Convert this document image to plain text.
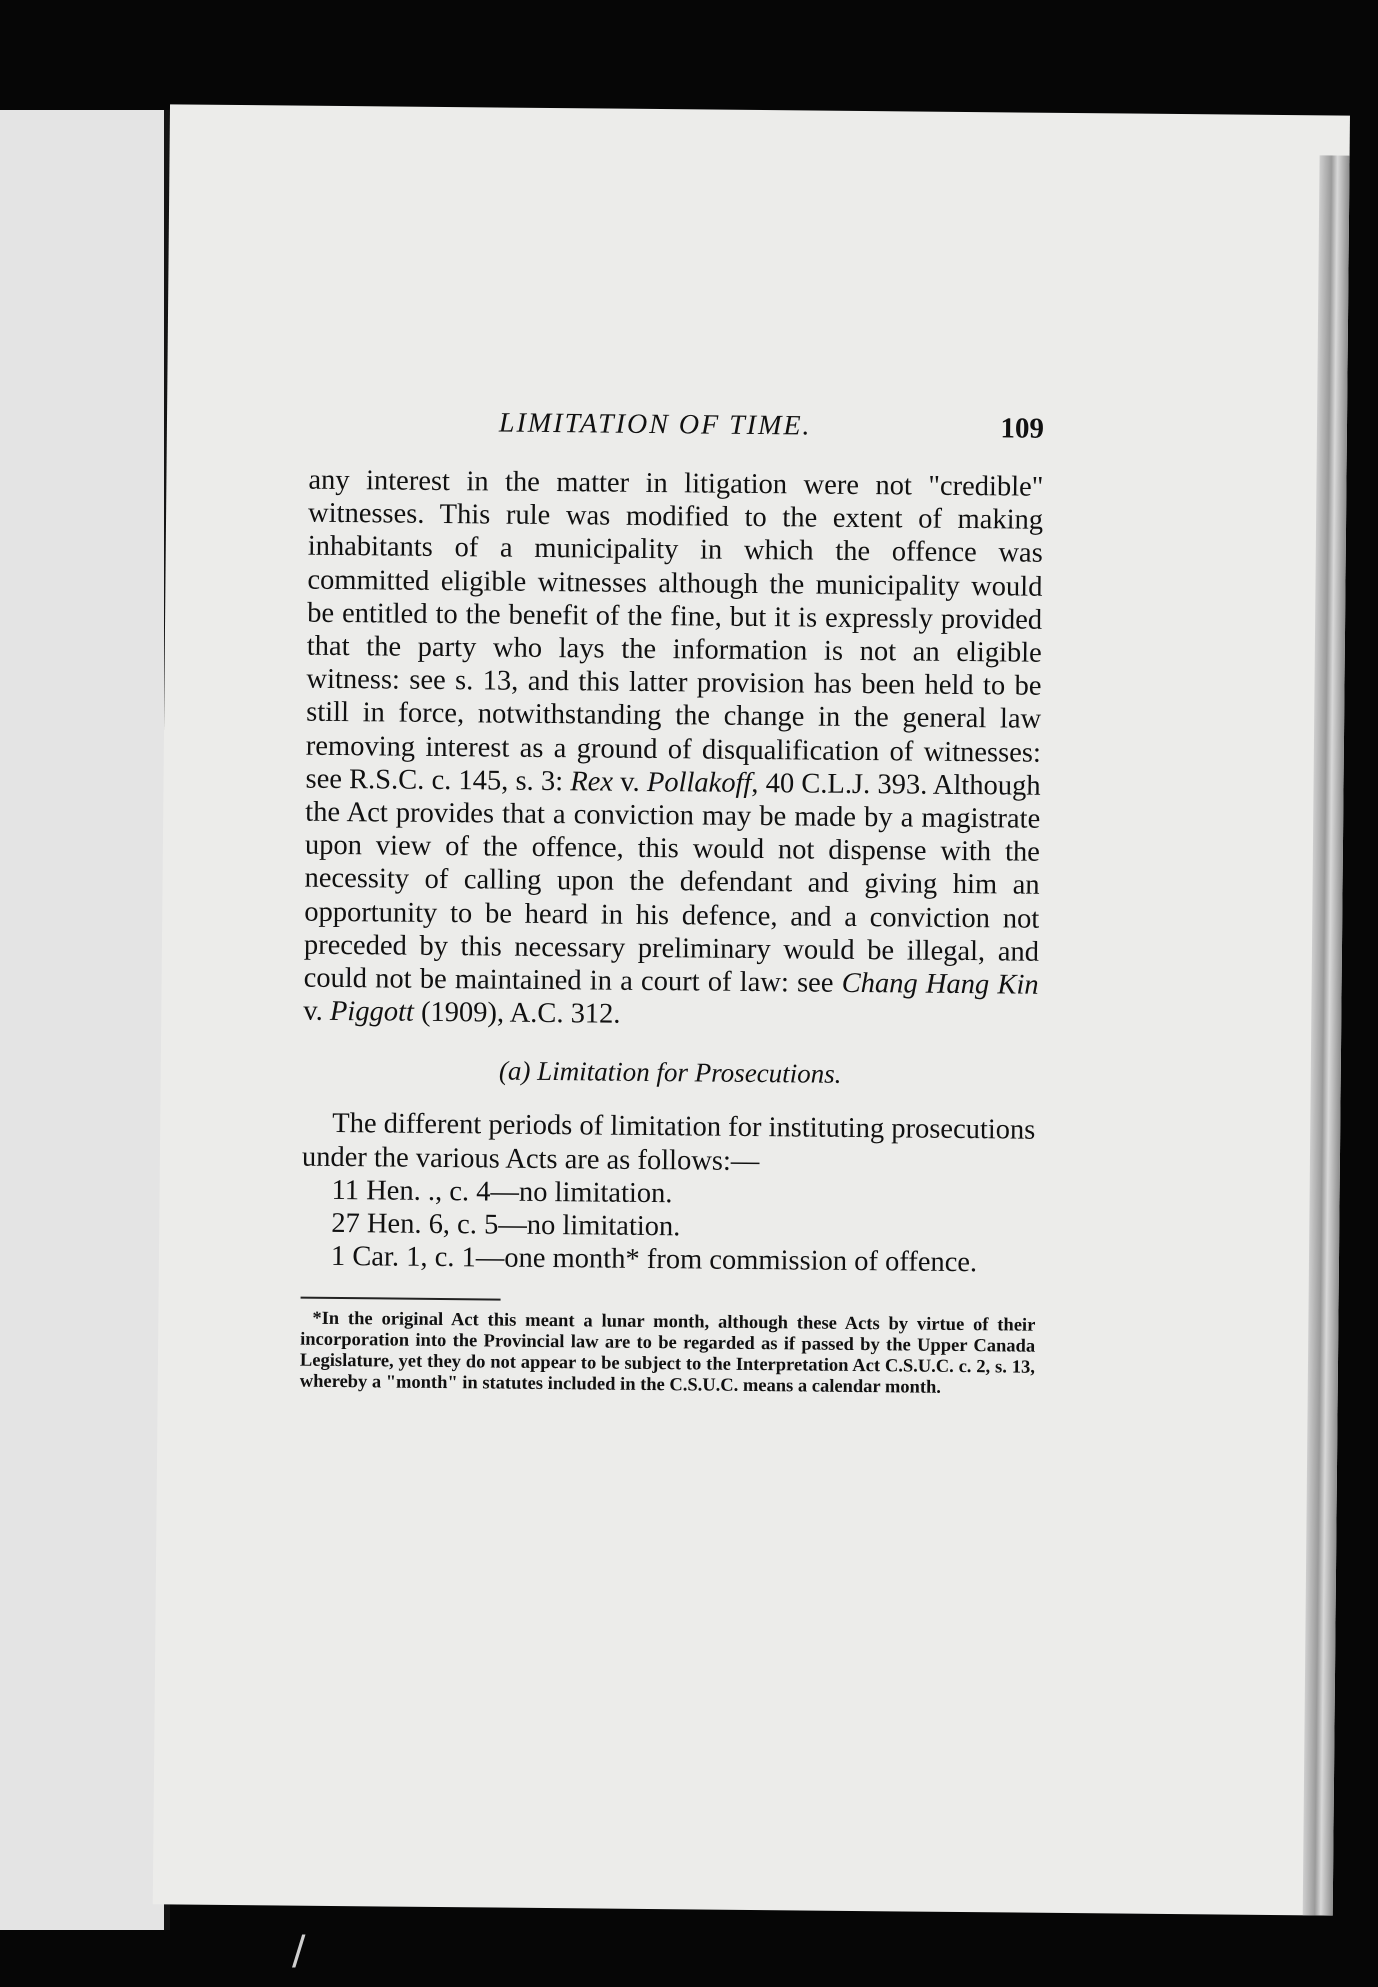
LIMITATION OF TIME.	109

any interest in the matter in litigation were not "credible" witnesses. This rule was modified to the extent of making inhabitants of a municipality in which the offence was committed eligible witnesses although the municipality would be entitled to the benefit of the fine, but it is expressly provided that the party who lays the information is not an eligible witness: see s. 13, and this latter provision has been held to be still in force, notwithstanding the change in the general law removing interest as a ground of disqualification of witnesses: see R.S.C. c. 145, s. 3: Rex v. Pollakoff, 40 C.L.J. 393. Although the Act provides that a conviction may be made by a magistrate upon view of the offence, this would not dispense with the necessity of calling upon the defendant and giving him an opportunity to be heard in his defence, and a conviction not preceded by this necessary preliminary would be illegal, and could not be maintained in a court of law: see Chang Hang Kin v. Piggott (1909), A.C. 312.

(a) Limitation for Prosecutions.

The different periods of limitation for instituting prosecutions under the various Acts are as follows:—

11 Hen. ., c. 4—no limitation.

27 Hen. 6, c. 5—no limitation.

1 Car. 1, c. 1—one month* from commission of offence.

*In the original Act this meant a lunar month, although these Acts by virtue of their incorporation into the Provincial law are to be regarded as if passed by the Upper Canada Legislature, yet they do not appear to be subject to the Interpretation Act C.S.U.C. c. 2, s. 13, whereby a "month" in statutes included in the C.S.U.C. means a calendar month.

/
